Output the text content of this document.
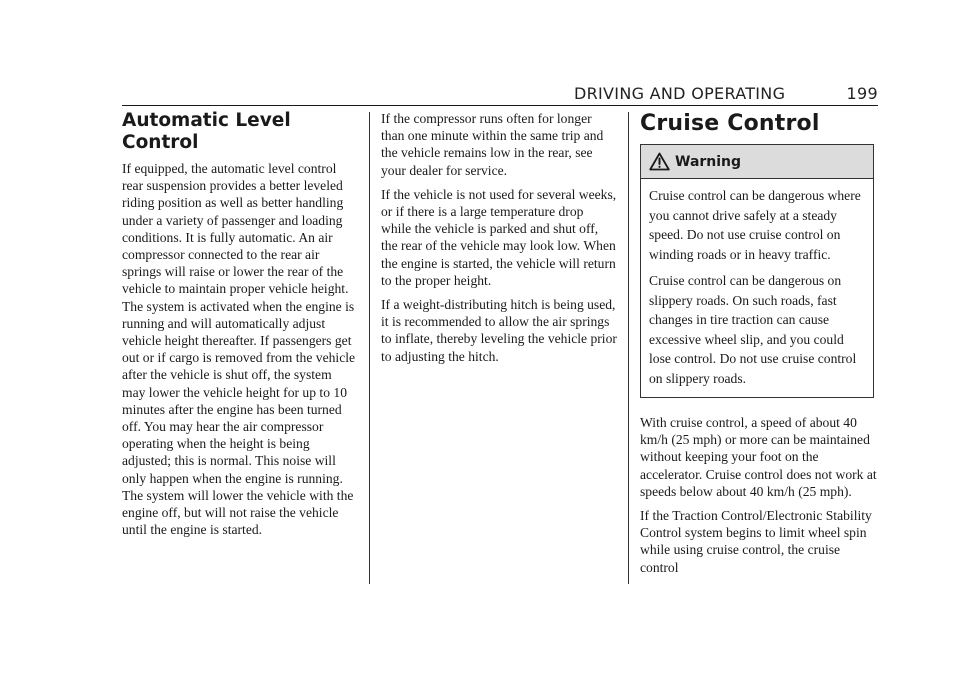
DRIVING AND OPERATING	199
Automatic Level Control

If equipped, the automatic level control rear suspension provides a better leveled riding position as well as better handling under a variety of passenger and loading conditions. It is fully automatic. An air compressor connected to the rear air springs will raise or lower the rear of the vehicle to maintain proper vehicle height. The system is activated when the engine is running and will automatically adjust vehicle height thereafter. If passengers get out or if cargo is removed from the vehicle after the vehicle is shut off, the system may lower the vehicle height for up to 10 minutes after the engine has been turned off. You may hear the air compressor operating when the height is being adjusted; this is normal. This noise will only happen when the engine is running. The system will lower the vehicle with the engine off, but will not raise the vehicle until the engine is started.

If the compressor runs often for longer than one minute within the same trip and the vehicle remains low in the rear, see your dealer for service.

If the vehicle is not used for several weeks, or if there is a large temperature drop while the vehicle is parked and shut off, the rear of the vehicle may look low. When the engine is started, the vehicle will return to the proper height.

If a weight-distributing hitch is being used, it is recommended to allow the air springs to inflate, thereby leveling the vehicle prior to adjusting the hitch.

Cruise Control
Warning

Cruise control can be dangerous where you cannot drive safely at a steady speed. Do not use cruise control on winding roads or in heavy traffic.

Cruise control can be dangerous on slippery roads. On such roads, fast changes in tire traction can cause excessive wheel slip, and you could lose control. Do not use cruise control on slippery roads.

With cruise control, a speed of about 40 km/h (25 mph) or more can be maintained without keeping your foot on the accelerator. Cruise control does not work at speeds below about 40 km/h (25 mph).

If the Traction Control/Electronic Stability Control system begins to limit wheel spin while using cruise control, the cruise control
